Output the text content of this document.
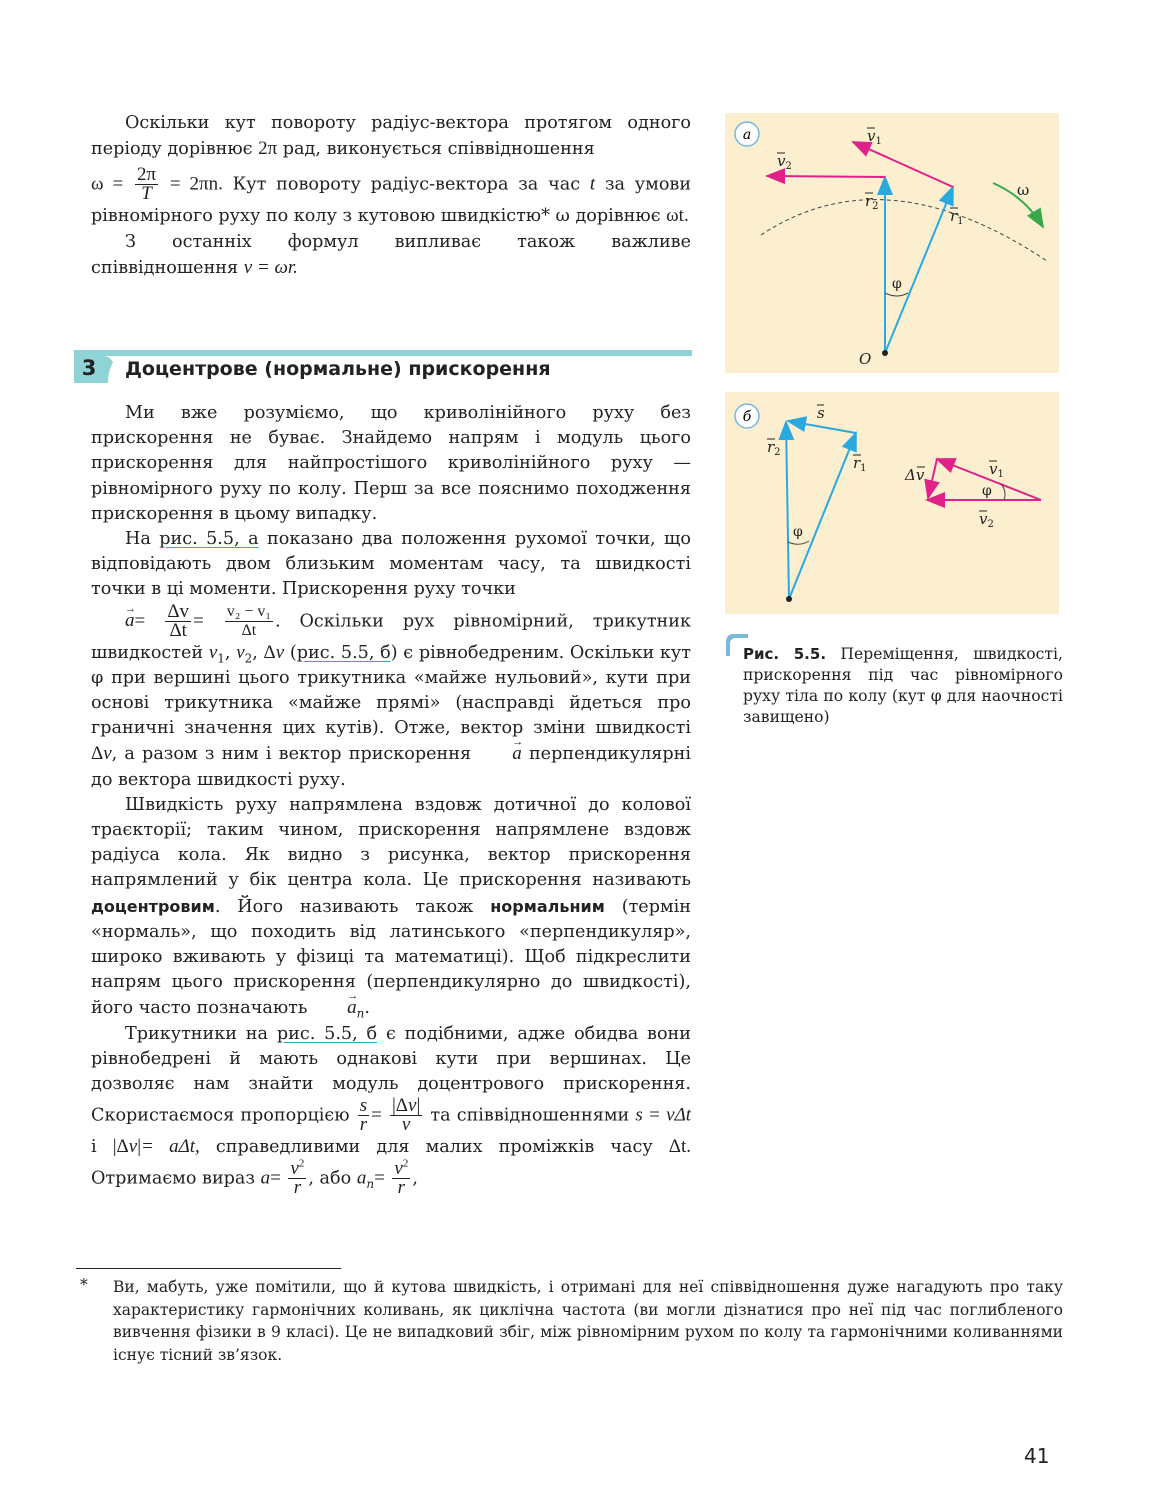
Оскільки кут повороту радіус-вектора протягом одного періоду дорівнює 2π рад, виконується співвідношення

$\omega = \frac{2\pi}{T} = 2\pi n$. Кут повороту радіус-вектора за час t за умови рівномірного руху по колу з кутовою швидкістю* ω дорівнює ωt.

З останніх формул випливає також важливе співвідношення v = ωr.

3	Доцентрове (нормальне) прискорення

Ми вже розуміємо, що криволінійного руху без прискорення не буває. Знайдемо напрям і модуль цього прискорення для найпростішого криволінійного руху — рівномірного руху по колу. Перш за все пояснимо походження прискорення в цьому випадку.

На рис. 5.5, а показано два положення рухомої точки, що відповідають двом близьким моментам часу, та швидкості точки в ці моменти. Прискорення руху точки
→ $a= \frac{\Delta v}{\Delta t} = \frac{\text{v₂ − v₁}}{\Delta t}$ . Оскільки рух рівномірний, трикутник швидкостей $v_1$, $v_2$, Δv (рис. 5.5, б) є рівнобедреним. Оскільки кут φ при вершині цього трикутника «майже нульовий», кути при основі трикутника «майже прямі» (насправді йдеться про граничні значення цих кутів). Отже, вектор зміни швидкості Δv, а разом з ним і вектор прискорення → a перпендикулярні до вектора швидкості руху.

Швидкість руху напрямлена вздовж дотичної до колової траєкторії; таким чином, прискорення напрямлене вздовж радіуса кола. Як видно з рисунка, вектор прискорення напрямлений у бік центра кола. Це прискорення називають доцентровим. Його називають також нормальним (термін «нормаль», що походить від латинського «перпендикуляр», широко вживають у фізиці та математиці). Щоб підкреслити напрям цього прискорення (перпендикулярно до швидкості), його часто позначають → $a_n$.

Трикутники на рис. 5.5, б є подібними, адже обидва вони рівнобедрені й мають однакові кути при вершинах. Це дозволяє нам знайти модуль доцентрового прискорення. Скористаємося пропорцією $\frac{s}{r} = \frac{|\Delta v|}{v}$ та співвідношеннями s = vΔt і |Δv|= aΔt, справедливими для малих проміжків часу Δt. Отримаємо вираз $a= \frac{v^2}{r}$ , або $a_n= \frac{v^2}{r}$ ,

а	$v_1$
$v_2$
$r_2$
$r_1$
ω
φ
O
б	s
$r_2$
$r_1$
φ
Δv	$v_1$
φ
$v_2$
Рис. 5.5. Переміщення, швидкості, прискорення під час рівномірного руху тіла по колу (кут φ для наочності завищено)
* Ви, мабуть, уже помітили, що й кутова швидкість, і отримані для неї співвідношення дуже нагадують про таку характеристику гармонічних коливань, як циклічна частота (ви могли дізнатися про неї під час поглибленого вивчення фізики в 9 класі). Це не випадковий збіг, між рівномірним рухом по колу та гармонічними коливаннями існує тісний зв’язок.
41
